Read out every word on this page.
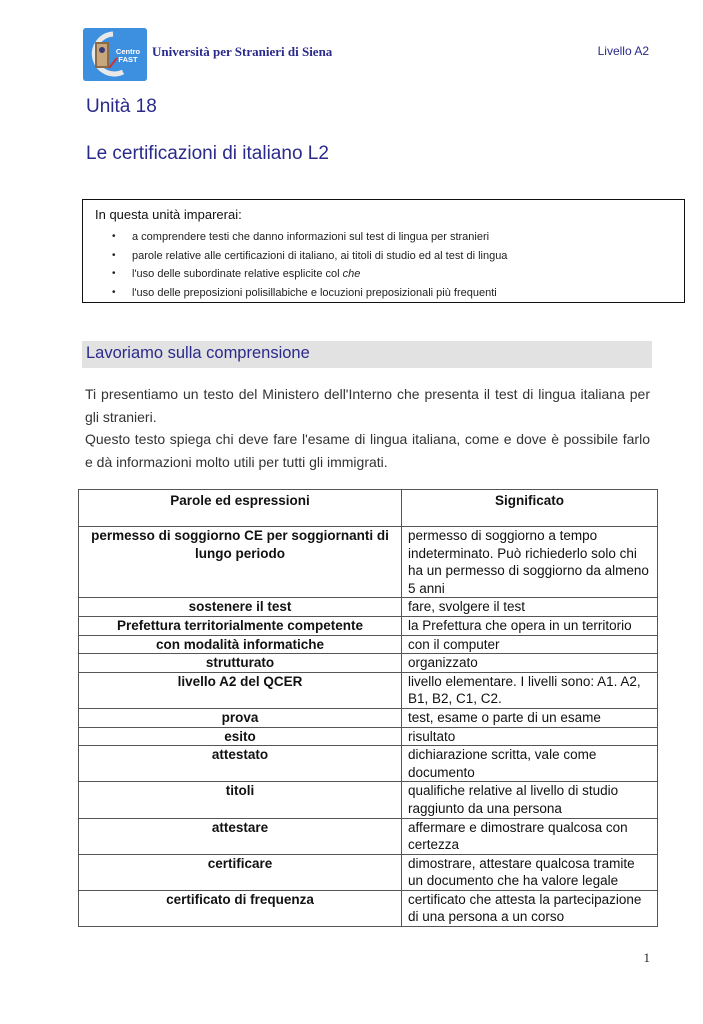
Centro
FAST
Università per Stranieri di Siena	Livello A2
Unità 18
Le certificazioni di italiano L2
In questa unità imparerai:
• a comprendere testi che danno informazioni sul test di lingua per stranieri
• parole relative alle certificazioni di italiano, ai titoli di studio ed al test di lingua
• l'uso delle subordinate relative esplicite col che
• l'uso delle preposizioni polisillabiche e locuzioni preposizionali più frequenti
Lavoriamo sulla comprensione

Ti presentiamo un testo del Ministero dell'Interno che presenta il test di lingua italiana per gli stranieri.

Questo testo spiega chi deve fare l'esame di lingua italiana, come e dove è possibile farlo e dà informazioni molto utili per tutti gli immigrati.

Parole ed espressioni	Significato
permesso di soggiorno CE per soggiornanti di lungo periodo	permesso di soggiorno a tempo indeterminato. Può richiederlo solo chi ha un permesso di soggiorno da almeno 5 anni
sostenere il test	fare, svolgere il test
Prefettura territorialmente competente	la Prefettura che opera in un territorio
con modalità informatiche	con il computer
strutturato	organizzato
livello A2 del QCER	livello elementare. I livelli sono: A1. A2, B1, B2, C1, C2.
prova	test, esame o parte di un esame
esito	risultato
attestato	dichiarazione scritta, vale come documento
titoli	qualifiche relative al livello di studio raggiunto da una persona
attestare	affermare e dimostrare qualcosa con certezza
certificare	dimostrare, attestare qualcosa tramite un documento che ha valore legale
certificato di frequenza	certificato che attesta la partecipazione di una persona a un corso
1
